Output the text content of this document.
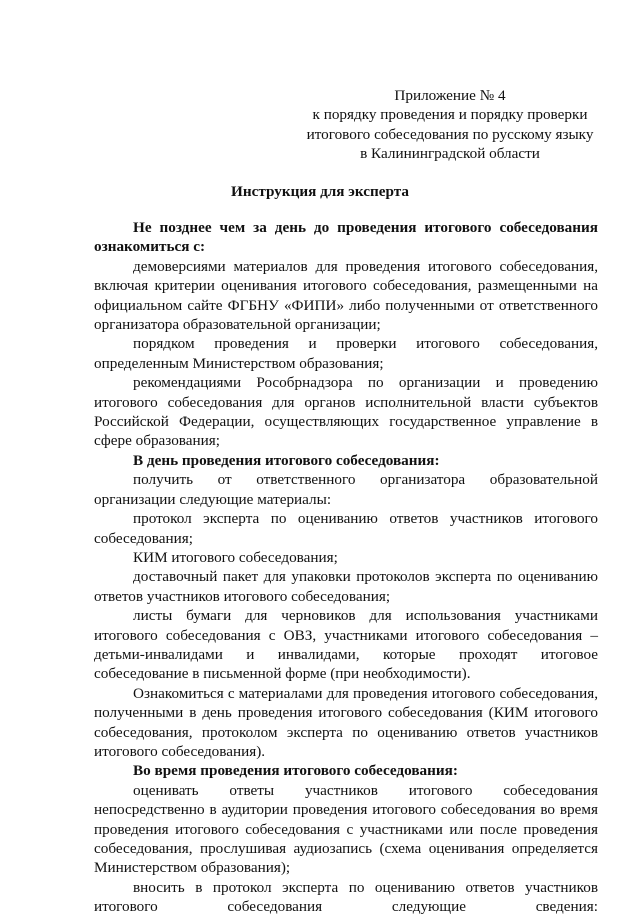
Приложение № 4
к порядку проведения и порядку проверки
итогового собеседования по русскому языку
в Калининградской области
Инструкция для эксперта

Не позднее чем за день до проведения итогового собеседования ознакомиться с:

демоверсиями материалов для проведения итогового собеседования, включая критерии оценивания итогового собеседования, размещенными на официальном сайте ФГБНУ «ФИПИ» либо полученными от ответственного организатора образовательной организации;

порядком проведения и проверки итогового собеседования, определенным Министерством образования;

рекомендациями Рособрнадзора по организации и проведению итогового собеседования для органов исполнительной власти субъектов Российской Федерации, осуществляющих государственное управление в сфере образования;

В день проведения итогового собеседования:

получить от ответственного организатора образовательной организации следующие материалы:

протокол эксперта по оцениванию ответов участников итогового собеседования;

КИМ итогового собеседования;

доставочный пакет для упаковки протоколов эксперта по оцениванию ответов участников итогового собеседования;

листы бумаги для черновиков для использования участниками итогового собеседования с ОВЗ, участниками итогового собеседования – детьми-инвалидами и инвалидами, которые проходят итоговое собеседование в письменной форме (при необходимости).

Ознакомиться с материалами для проведения итогового собеседования, полученными в день проведения итогового собеседования (КИМ итогового собеседования, протоколом эксперта по оцениванию ответов участников итогового собеседования).

Во время проведения итогового собеседования:

оценивать ответы участников итогового собеседования непосредственно в аудитории проведения итогового собеседования во время проведения итогового собеседования с участниками или после проведения собеседования, прослушивая аудиозапись (схема оценивания определяется Министерством образования);

вносить в протокол эксперта по оцениванию ответов участников итогового собеседования следующие сведения:
